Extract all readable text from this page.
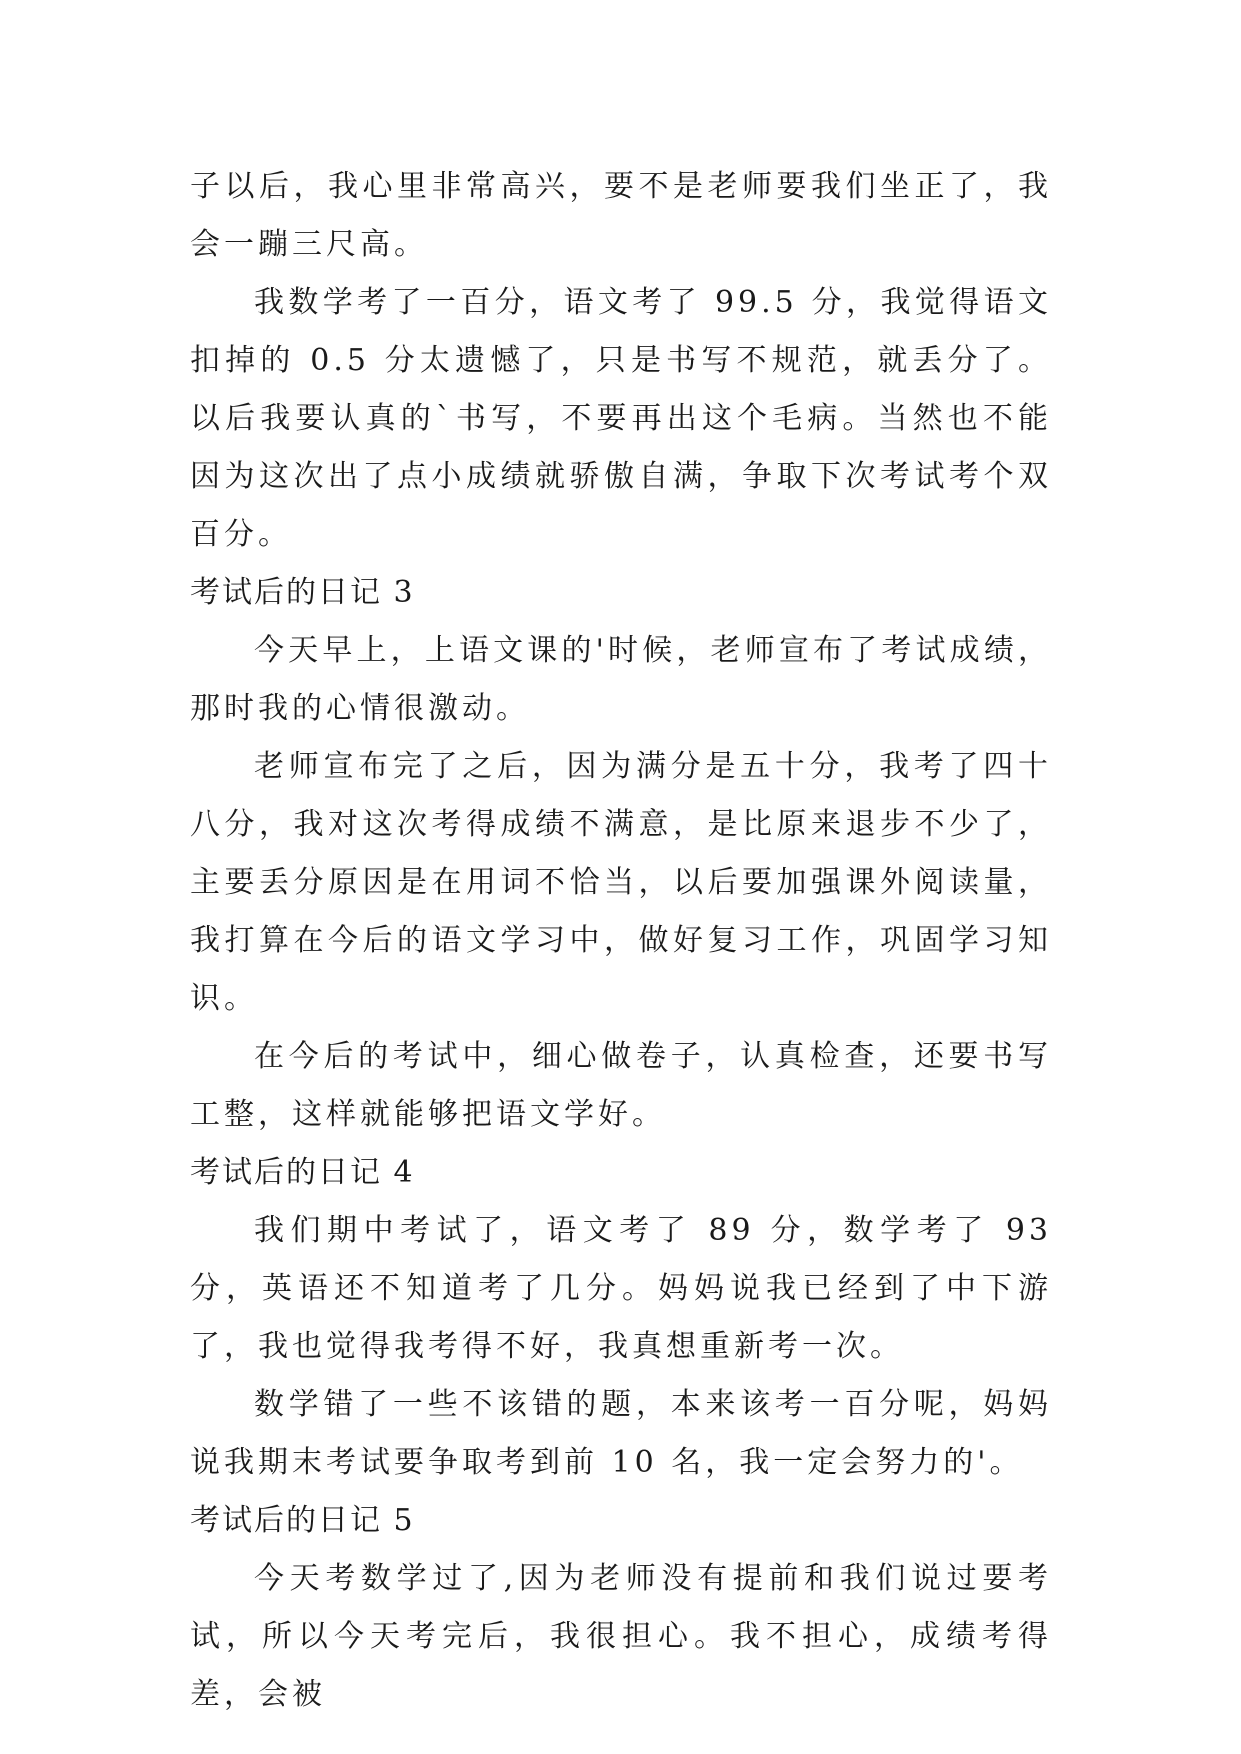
子以后，我心里非常高兴，要不是老师要我们坐正了，我会一蹦三尺高。

我数学考了一百分，语文考了 99.5 分，我觉得语文扣掉的 0.5 分太遗憾了，只是书写不规范，就丢分了。以后我要认真的`书写，不要再出这个毛病。当然也不能因为这次出了点小成绩就骄傲自满，争取下次考试考个双百分。

考试后的日记 3

今天早上，上语文课的'时候，老师宣布了考试成绩，那时我的心情很激动。

老师宣布完了之后，因为满分是五十分，我考了四十八分，我对这次考得成绩不满意，是比原来退步不少了，主要丢分原因是在用词不恰当，以后要加强课外阅读量，我打算在今后的语文学习中，做好复习工作，巩固学习知识。

在今后的考试中，细心做卷子，认真检查，还要书写工整，这样就能够把语文学好。

考试后的日记 4

我们期中考试了，语文考了 89 分，数学考了 93 分，英语还不知道考了几分。妈妈说我已经到了中下游了，我也觉得我考得不好，我真想重新考一次。

数学错了一些不该错的题，本来该考一百分呢，妈妈说我期末考试要争取考到前 10 名，我一定会努力的'。

考试后的日记 5

今天考数学过了,因为老师没有提前和我们说过要考试，所以今天考完后，我很担心。我不担心，成绩考得差，会被
